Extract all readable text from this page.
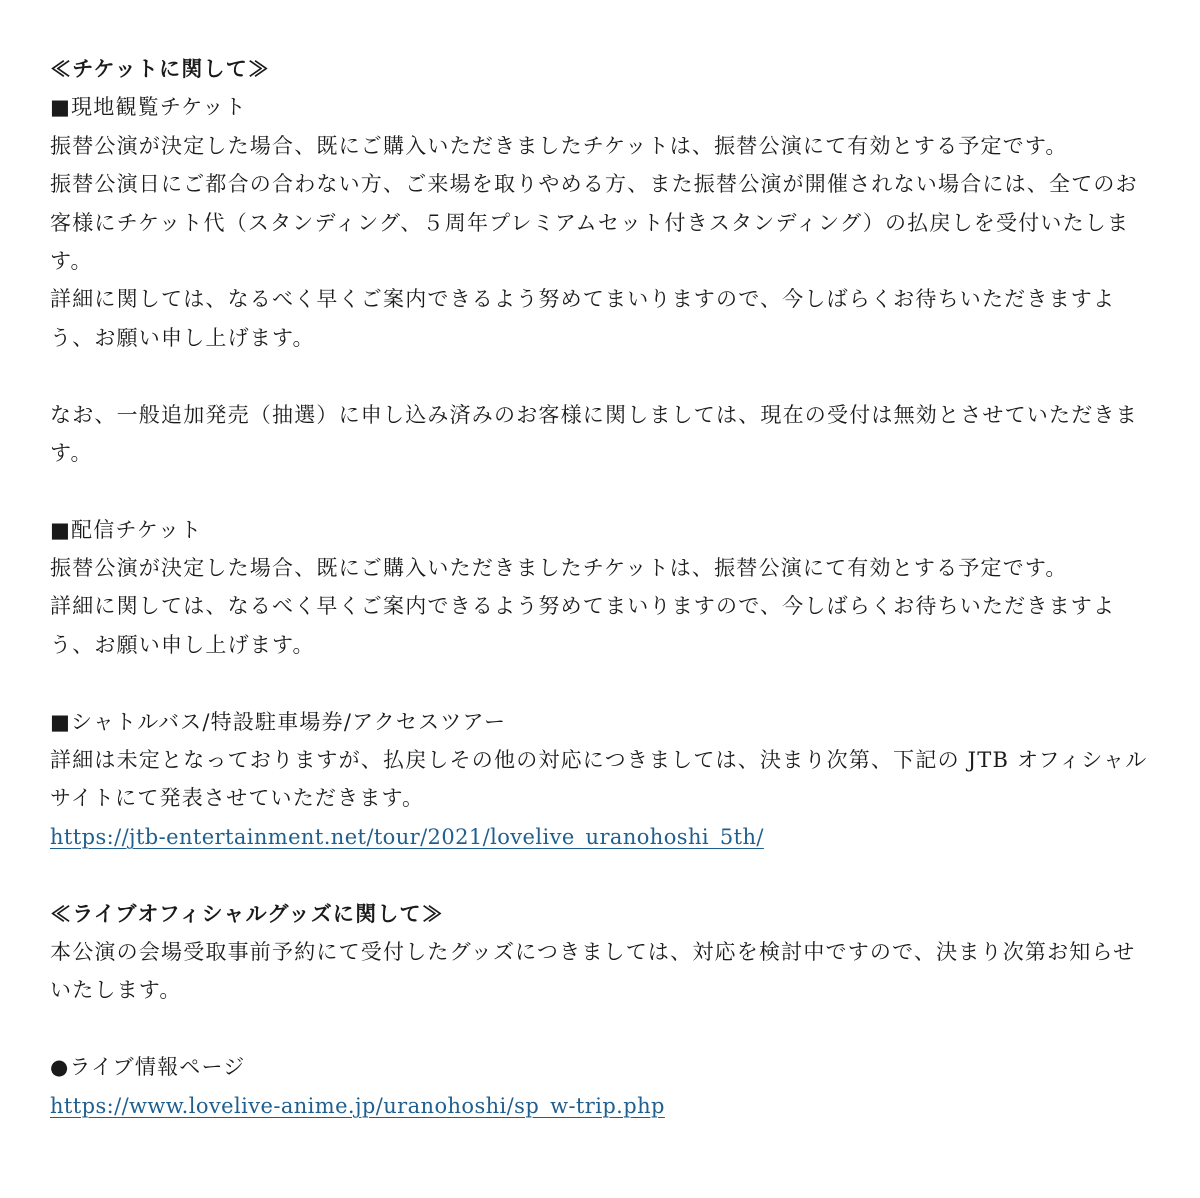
≪チケットに関して≫
■現地観覧チケット
振替公演が決定した場合、既にご購入いただきましたチケットは、振替公演にて有効とする予定です。
振替公演日にご都合の合わない方、ご来場を取りやめる方、また振替公演が開催されない場合には、全てのお
客様にチケット代（スタンディング、５周年プレミアムセット付きスタンディング）の払戻しを受付いたしま
す。
詳細に関しては、なるべく早くご案内できるよう努めてまいりますので、今しばらくお待ちいただきますよ
う、お願い申し上げます。
なお、一般追加発売（抽選）に申し込み済みのお客様に関しましては、現在の受付は無効とさせていただきま
す。
■配信チケット
振替公演が決定した場合、既にご購入いただきましたチケットは、振替公演にて有効とする予定です。
詳細に関しては、なるべく早くご案内できるよう努めてまいりますので、今しばらくお待ちいただきますよ
う、お願い申し上げます。
■シャトルバス/特設駐車場券/アクセスツアー
詳細は未定となっておりますが、払戻しその他の対応につきましては、決まり次第、下記の JTB オフィシャル
サイトにて発表させていただきます。
https://jtb-entertainment.net/tour/2021/lovelive_uranohoshi_5th/
≪ライブオフィシャルグッズに関して≫
本公演の会場受取事前予約にて受付したグッズにつきましては、対応を検討中ですので、決まり次第お知らせ
いたします。
●ライブ情報ページ
https://www.lovelive-anime.jp/uranohoshi/sp_w-trip.php
